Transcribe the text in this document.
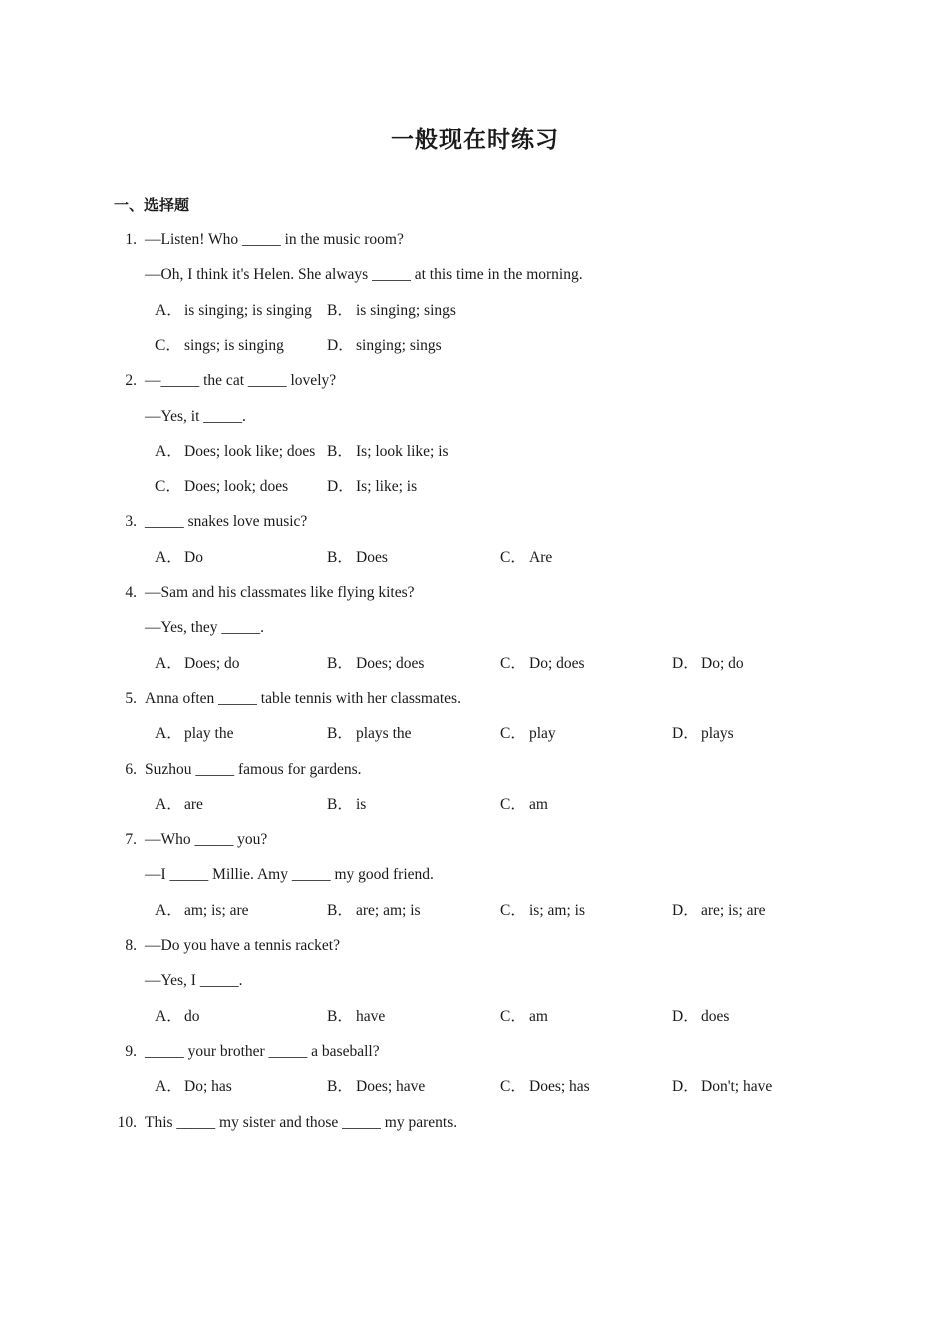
一般现在时练习
一、选择题
1. —Listen! Who _____ in the music room?
—Oh, I think it's Helen. She always _____ at this time in the morning.
A． is singing; is singing B． is singing; sings
C． sings; is singing	D． singing; sings
2. —_____ the cat _____ lovely?
—Yes, it _____.
A． Does; look like; does B． Is; look like; is
C． Does; look; does	D． Is; like; is
3. _____ snakes love music?
A． Do	B． Does	C． Are
4. —Sam and his classmates like flying kites?
—Yes, they _____.
A． Does; do	B． Does; does	C． Do; does	D． Do; do
5. Anna often _____ table tennis with her classmates.
A． play the	B． plays the	C． play	D． plays
6. Suzhou _____ famous for gardens.
A． are	B． is	C． am
7. —Who _____ you?
—I _____ Millie. Amy _____ my good friend.
A． am; is; are	B． are; am; is	C． is; am; is	D． are; is; are
8. —Do you have a tennis racket?
—Yes, I _____.
A． do	B． have	C． am	D． does
9. _____ your brother _____ a baseball?
A． Do; has	B． Does; have	C． Does; has	D． Don't; have
10. This _____ my sister and those _____ my parents.
